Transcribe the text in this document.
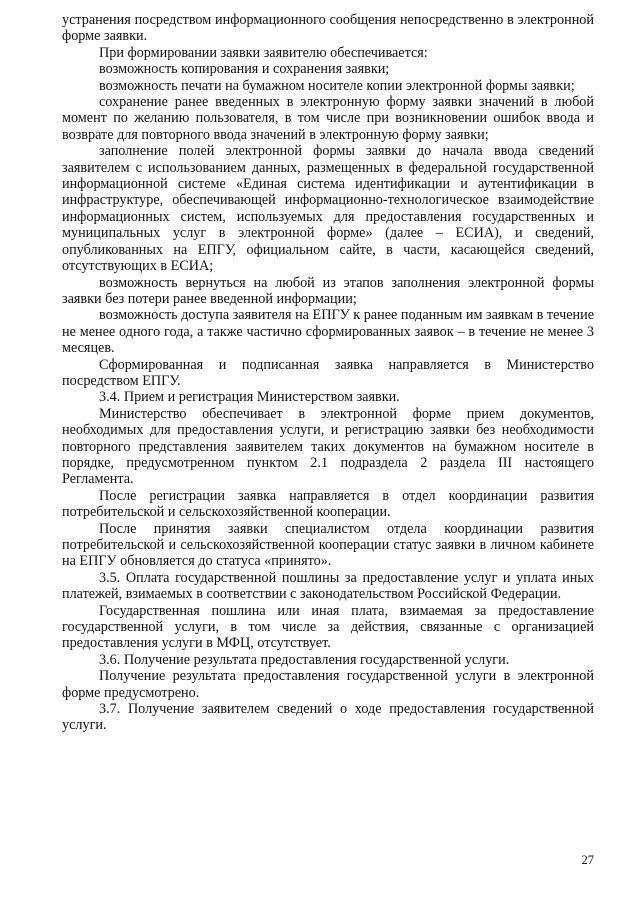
устранения посредством информационного сообщения непосредственно в электронной форме заявки.

При формировании заявки заявителю обеспечивается:

возможность копирования и сохранения заявки;

возможность печати на бумажном носителе копии электронной формы заявки;

сохранение ранее введенных в электронную форму заявки значений в любой момент по желанию пользователя, в том числе при возникновении ошибок ввода и возврате для повторного ввода значений в электронную форму заявки;

заполнение полей электронной формы заявки до начала ввода сведений заявителем с использованием данных, размещенных в федеральной государственной информационной системе «Единая система идентификации и аутентификации в инфраструктуре, обеспечивающей информационно-технологическое взаимодействие информационных систем, используемых для предоставления государственных и муниципальных услуг в электронной форме» (далее – ЕСИА), и сведений, опубликованных на ЕПГУ, официальном сайте, в части, касающейся сведений, отсутствующих в ЕСИА;

возможность вернуться на любой из этапов заполнения электронной формы заявки без потери ранее введенной информации;

возможность доступа заявителя на ЕПГУ к ранее поданным им заявкам в течение не менее одного года, а также частично сформированных заявок – в течение не менее 3 месяцев.

Сформированная и подписанная заявка направляется в Министерство посредством ЕПГУ.

3.4. Прием и регистрация Министерством заявки.

Министерство обеспечивает в электронной форме прием документов, необходимых для предоставления услуги, и регистрацию заявки без необходимости повторного представления заявителем таких документов на бумажном носителе в порядке, предусмотренном пунктом 2.1 подраздела 2 раздела III настоящего Регламента.

После регистрации заявка направляется в отдел координации развития потребительской и сельскохозяйственной кооперации.

После принятия заявки специалистом отдела координации развития потребительской и сельскохозяйственной кооперации статус заявки в личном кабинете на ЕПГУ обновляется до статуса «принято».

3.5. Оплата государственной пошлины за предоставление услуг и уплата иных платежей, взимаемых в соответствии с законодательством Российской Федерации.

Государственная пошлина или иная плата, взимаемая за предоставление государственной услуги, в том числе за действия, связанные с организацией предоставления услуги в МФЦ, отсутствует.

3.6. Получение результата предоставления государственной услуги.

Получение результата предоставления государственной услуги в электронной форме предусмотрено.

3.7. Получение заявителем сведений о ходе предоставления государственной услуги.

27
